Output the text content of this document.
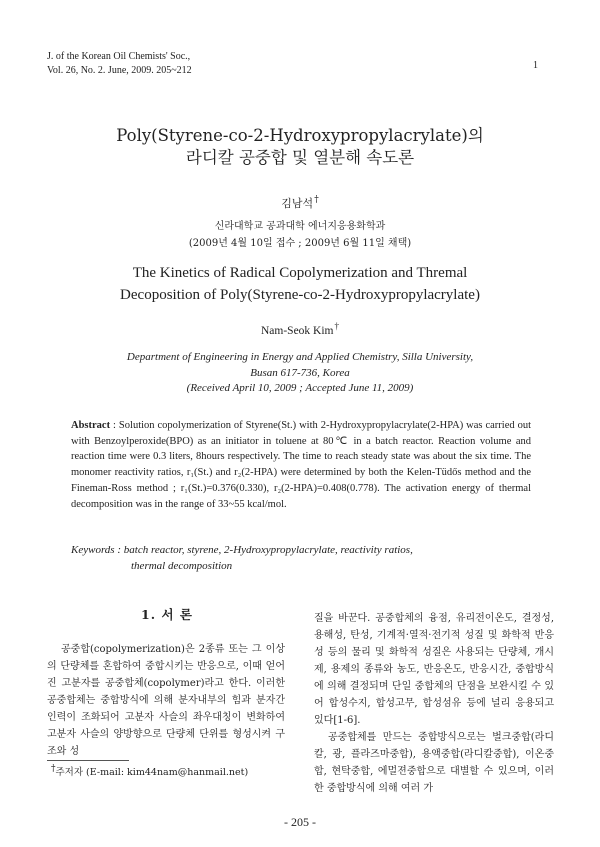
J. of the Korean Oil Chemists' Soc.,
Vol. 26, No. 2. June, 2009. 205~212	1
Poly(Styrene-co-2-Hydroxypropylacrylate)의
라디칼 공중합 및 열분해 속도론
김남석†
신라대학교 공과대학 에너지응용화학과
(2009년 4월 10일 접수 ; 2009년 6월 11일 채택)
The Kinetics of Radical Copolymerization and Thremal
Decoposition of Poly(Styrene-co-2-Hydroxypropylacrylate)
Nam-Seok Kim†
Department of Engineering in Energy and Applied Chemistry, Silla University,
Busan 617-736, Korea
(Received April 10, 2009 ; Accepted June 11, 2009)
Abstract : Solution copolymerization of Styrene(St.) with 2-Hydroxypropylacrylate(2-HPA) was carried out with Benzoylperoxide(BPO) as an initiator in toluene at 80℃ in a batch reactor. Reaction volume and reaction time were 0.3 liters, 8hours respectively. The time to reach steady state was about the six time. The monomer reactivity ratios, r₁(St.) and r₂(2-HPA) were determined by both the Kelen-Tüdős method and the Fineman-Ross method ; r₁(St.)=0.376(0.330), r₂(2-HPA)=0.408(0.778). The activation energy of thermal decomposition was in the range of 33~55 kcal/mol.
Keywords : batch reactor, styrene, 2-Hydroxypropylacrylate, reactivity ratios,
thermal decomposition
1. 서 론

공중합(copolymerization)은 2종류 또는 그 이상의 단량체를 혼합하여 중합시키는 반응으로, 이때 얻어진 고분자를 공중합체(copolymer)라고 한다. 이러한 공중합체는 중합방식에 의해 분자내부의 힘과 분자간 인력이 조화되어 고분자 사슬의 좌우대칭이 변화하여 고분자 사슬의 양방향으로 단량체 단위를 형성시켜 구조와 성

질을 바꾼다. 공중합체의 융점, 유리전이온도, 결정성, 용해성, 탄성, 기계적·열적·전기적 성질 및 화학적 반응성 등의 물리 및 화학적 성질은 사용되는 단량체, 개시제, 용제의 종류와 농도, 반응온도, 반응시간, 중합방식에 의해 결정되며 단일 중합체의 단점을 보완시킬 수 있어 합성수지, 합성고무, 합성섬유 등에 널리 응용되고 있다[1-6].

공중합체를 만드는 중합방식으로는 벌크중합(라디칼, 광, 플라즈마중합), 용액중합(라디칼중합), 이온중합, 현탁중합, 에멀젼중합으로 대별할 수 있으며, 이러한 중합방식에 의해 여러 가

†주저자 (E-mail: kim44nam@hanmail.net)
- 205 -
